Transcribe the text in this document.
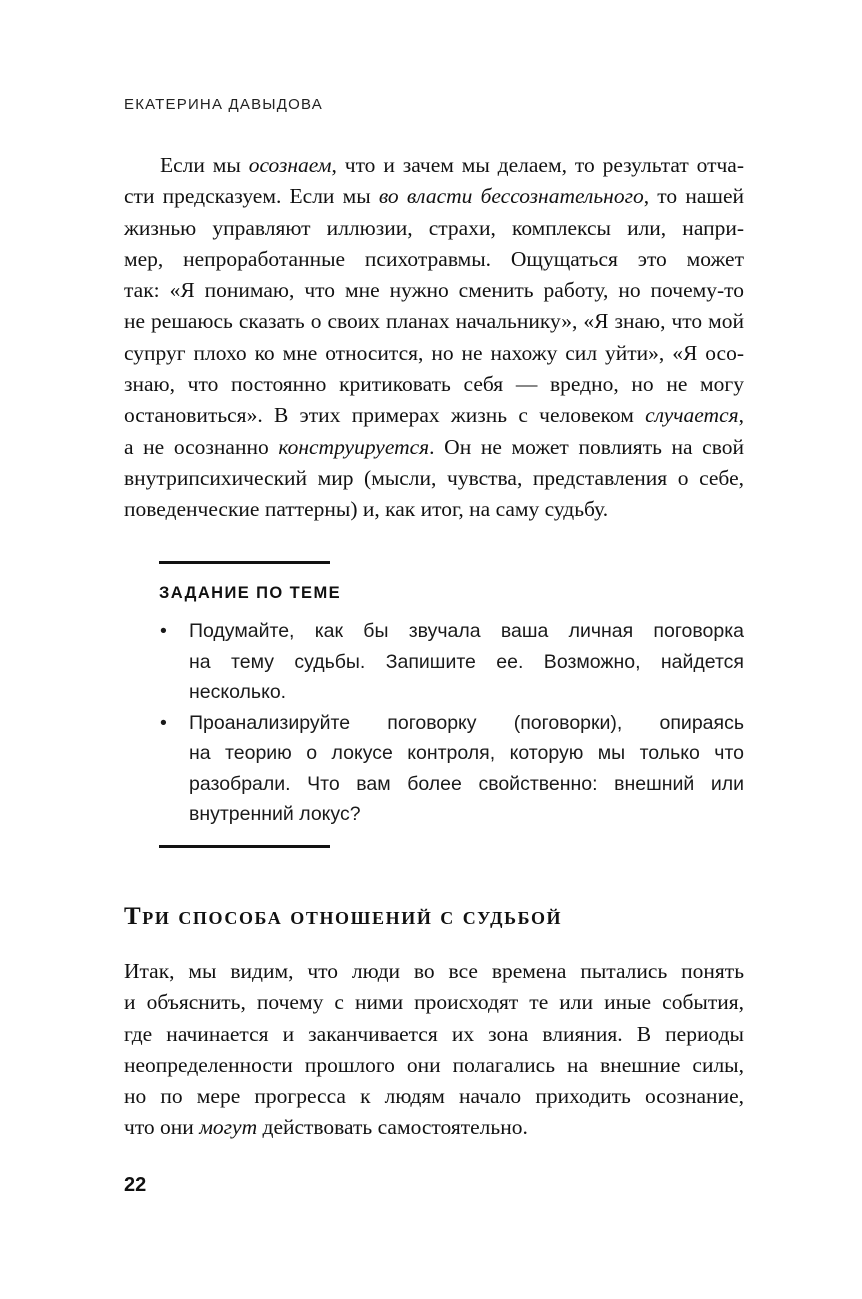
ЕКАТЕРИНА ДАВЫДОВА
Если мы осознаем, что и зачем мы делаем, то результат отча-
сти предсказуем. Если мы во власти бессознательного, то нашей
жизнью управляют иллюзии, страхи, комплексы или, напри-
мер, непроработанные психотравмы. Ощущаться это может
так: «Я понимаю, что мне нужно сменить работу, но почему-то
не решаюсь сказать о своих планах начальнику», «Я знаю, что мой
супруг плохо ко мне относится, но не нахожу сил уйти», «Я осо-
знаю, что постоянно критиковать себя — вредно, но не могу
остановиться». В этих примерах жизнь с человеком случается,
а не осознанно конструируется. Он не может повлиять на свой
внутрипсихический мир (мысли, чувства, представления о себе,
поведенческие паттерны) и, как итог, на саму судьбу.
ЗАДАНИЕ ПО ТЕМЕ
• Подумайте, как бы звучала ваша личная поговорка
на тему судьбы. Запишите ее. Возможно, найдется
несколько.
• Проанализируйте поговорку (поговорки), опираясь
на теорию о локусе контроля, которую мы только что
разобрали. Что вам более свойственно: внешний или
внутренний локус?
Три способа отношений с судьбой
Итак, мы видим, что люди во все времена пытались понять
и объяснить, почему с ними происходят те или иные события,
где начинается и заканчивается их зона влияния. В периоды
неопределенности прошлого они полагались на внешние силы,
но по мере прогресса к людям начало приходить осознание,
что они могут действовать самостоятельно.
22
